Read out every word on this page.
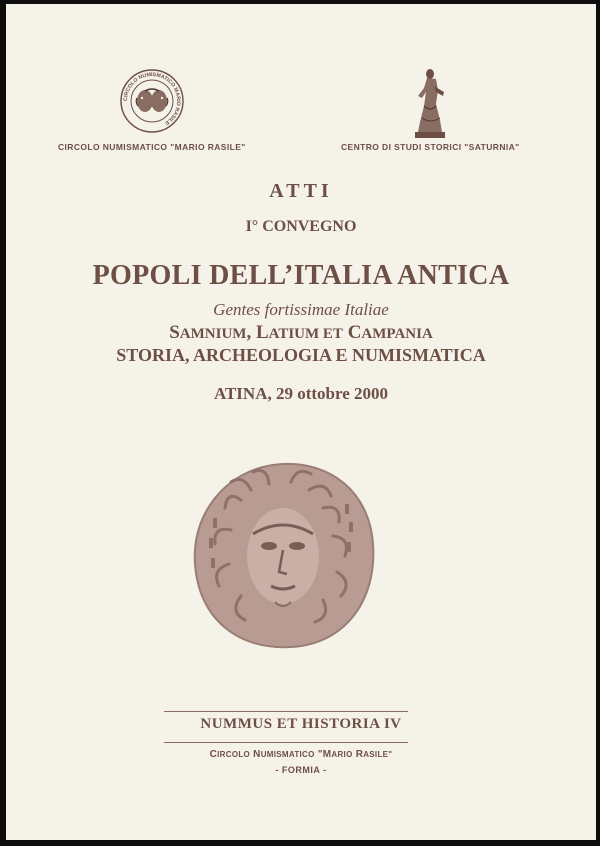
CIRCOLO NUMISMATICO MARIO RASILE
CIRCOLO NUMISMATICO "MARIO RASILE"	CENTRO DI STUDI STORICI "SATURNIA"
ATTI
I° CONVEGNO
POPOLI DELL’ITALIA ANTICA
Gentes fortissimae Italiae
SAMNIUM, LATIUM ET CAMPANIA
STORIA, ARCHEOLOGIA E NUMISMATICA
ATINA, 29 ottobre 2000
NUMMUS ET HISTORIA IV
CIRCOLO NUMISMATICO "MARIO RASILE"
- FORMIA -
